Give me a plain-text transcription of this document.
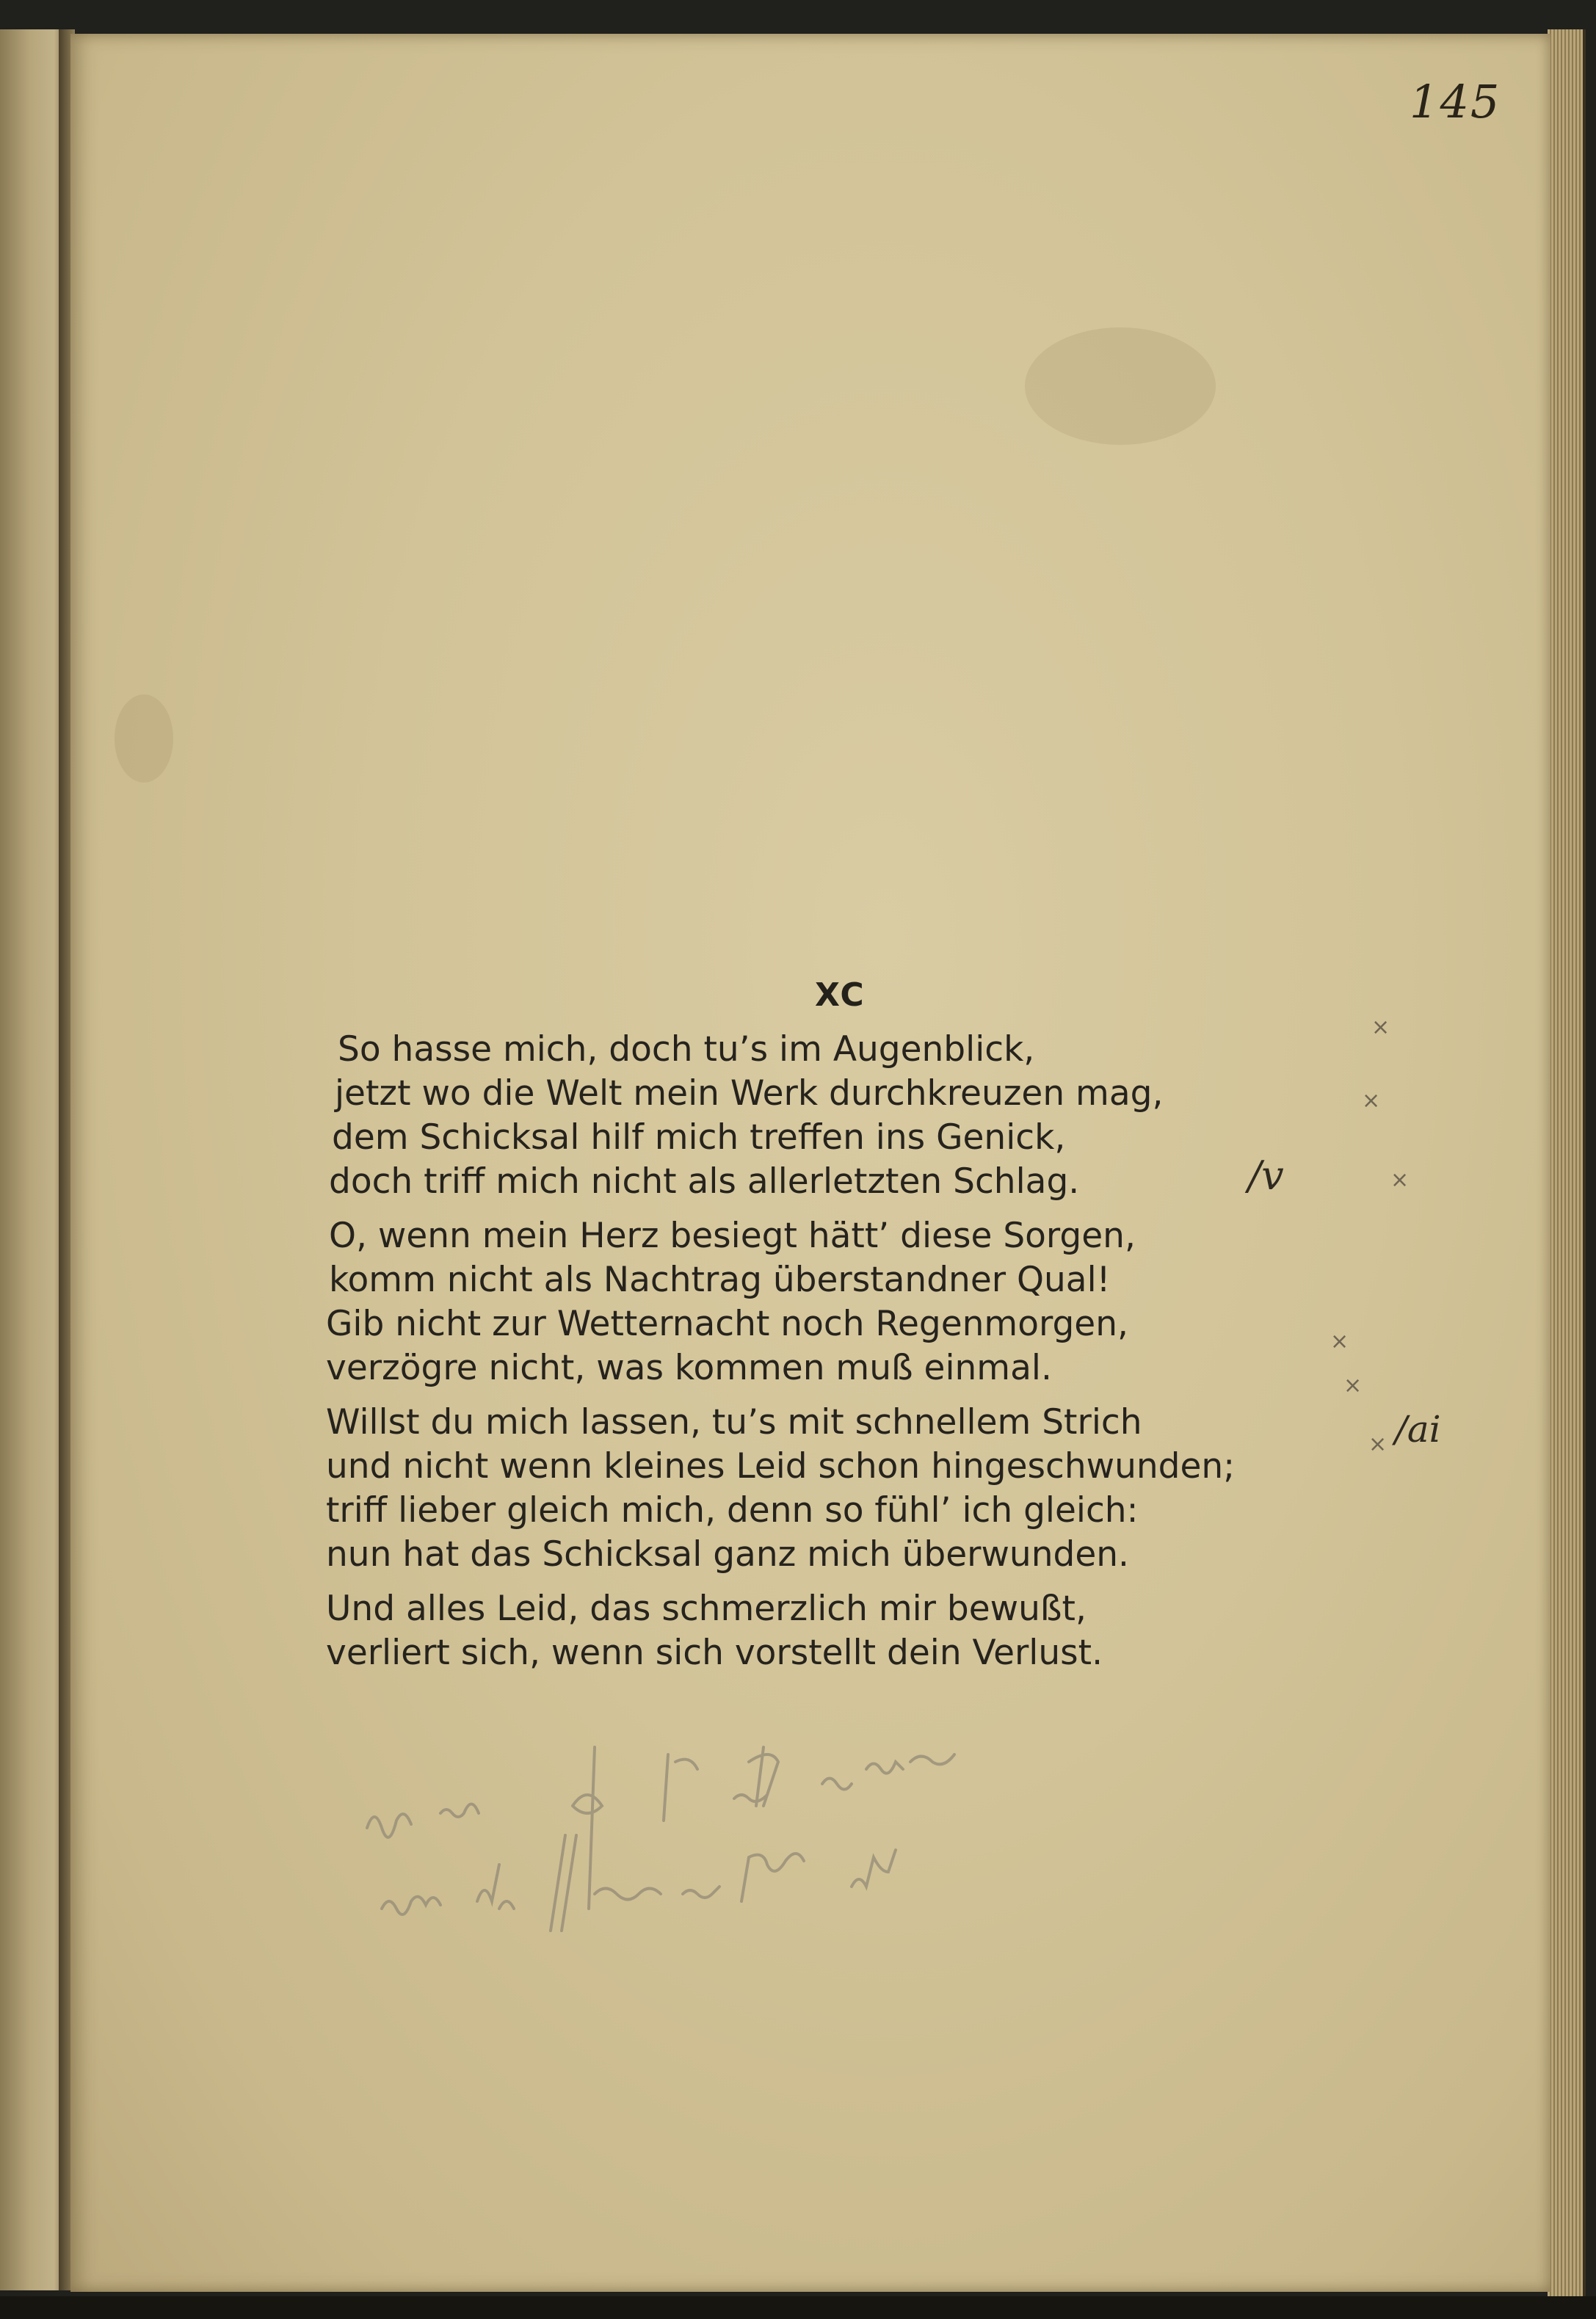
145
XC
So hasse mich, doch tu’s im Augenblick,
jetzt wo die Welt mein Werk durchkreuzen mag,
dem Schicksal hilf mich treffen ins Genick,
doch triff mich nicht als allerletzten Schlag.
O, wenn mein Herz besiegt hätt’ diese Sorgen,
komm nicht als Nachtrag überstandner Qual!
Gib nicht zur Wetternacht noch Regenmorgen,
verzögre nicht, was kommen muß einmal.
Willst du mich lassen, tu’s mit schnellem Strich
und nicht wenn kleines Leid schon hingeschwunden;
triff lieber gleich mich, denn so fühl’ ich gleich:
nun hat das Schicksal ganz mich überwunden.
Und alles Leid, das schmerzlich mir bewußt,
verliert sich, wenn sich vorstellt dein Verlust.
/v
/ai
×
×
×
×
×
×
